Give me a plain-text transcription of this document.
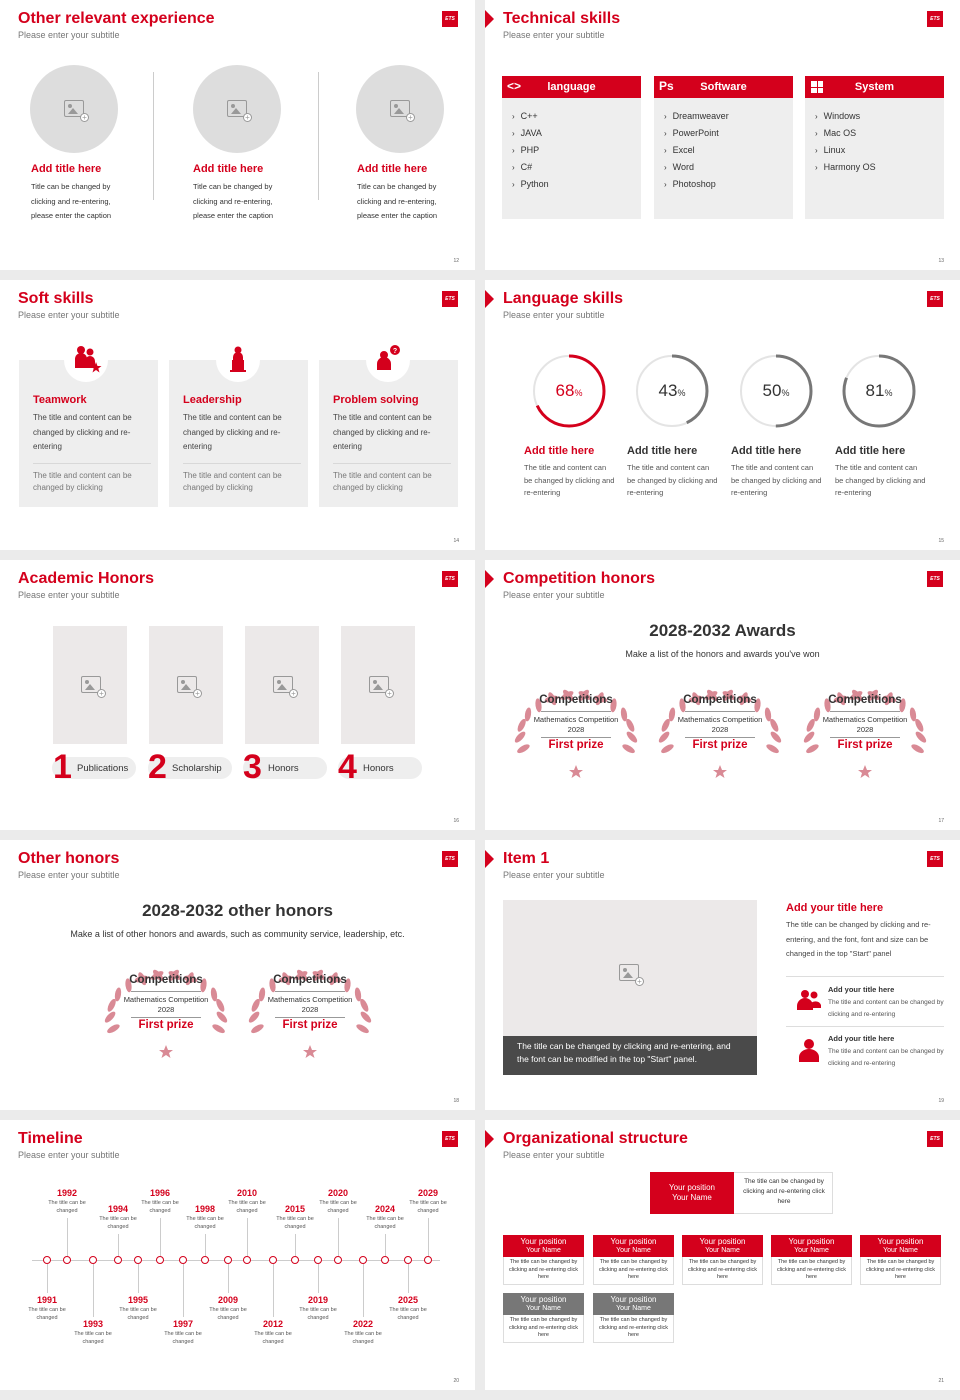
Other relevant experience
Please enter your subtitle
ETS
+
Add title here
Title can be changed by
clicking and re-entering,
please enter the caption
+
Add title here
Title can be changed by
clicking and re-entering,
please enter the caption
+
Add title here
Title can be changed by
clicking and re-entering,
please enter the caption
12
Technical skills
Please enter your subtitle
ETS
<>	language
› C++
› JAVA
› PHP
› C#
› Python
Ps	Software
› Dreamweaver
› PowerPoint
› Excel
› Word
› Photoshop
System
› Windows
› Mac OS
› Linux
› Harmony OS
13
Soft skills
Please enter your subtitle
ETS
Teamwork
The title and content can be changed by clicking and re-entering
The title and content can be changed by clicking
Leadership
The title and content can be changed by clicking and re-entering
The title and content can be changed by clicking
Problem solving
The title and content can be changed by clicking and re-entering
The title and content can be changed by clicking
?
14
Language skills
Please enter your subtitle
ETS
68%	43%	50%	81%
Add title here
The title and content can be changed by clicking and re-entering
Add title here
The title and content can be changed by clicking and re-entering
Add title here
The title and content can be changed by clicking and re-entering
Add title here
The title and content can be changed by clicking and re-entering
15
Academic Honors
Please enter your subtitle
ETS
+	+	+	+
1 Publications 2 Scholarship 3 Honors 4 Honors
16
Competition honors
Please enter your subtitle
ETS
2028-2032 Awards
Make a list of the honors and awards you've won
Competitions
Mathematics Competition
2028
First prize
Competitions
Mathematics Competition
2028
First prize
Competitions
Mathematics Competition
2028
First prize
17
Other honors
Please enter your subtitle
ETS
2028-2032 other honors
Make a list of other honors and awards, such as community service, leadership, etc.
Competitions
Mathematics Competition
2028
First prize
Competitions
Mathematics Competition
2028
First prize
18
Item 1
Please enter your subtitle
ETS
+
The title can be changed by clicking and re-entering, and the font can be modified in the top "Start" panel.
Add your title here
The title can be changed by clicking and re-entering, and the font, font and size can be changed in the top "Start" panel
Add your title here
The title and content can be changed by clicking and re-entering
Add your title here
The title and content can be changed by clicking and re-entering
19
Timeline
Please enter your subtitle
ETS
1992
The title can be changed	1994
The title can be changed
1996
The title can be changed	1998
The title can be changed
2010
The title can be changed	2015
The title can be changed
2020
The title can be changed	2024
The title can be changed
2029
The title can be changed
1991
The title can be changed
1993
The title can be changed
1995
The title can be changed
1997
The title can be changed
2009
The title can be changed
2012
The title can be changed
2019
The title can be changed
2022
The title can be changed
2025
The title can be changed
20
Organizational structure
Please enter your subtitle
ETS
Your position
Your Name
The title can be changed by clicking and re-entering click here
Your position
Your Name
The title can be changed by clicking and re-entering click here
Your position
Your Name
The title can be changed by clicking and re-entering click here
Your position
Your Name
The title can be changed by clicking and re-entering click here
Your position
Your Name
The title can be changed by clicking and re-entering click here
Your position
Your Name
The title can be changed by clicking and re-entering click here
Your position
Your Name
The title can be changed by clicking and re-entering click here
Your position
Your Name
The title can be changed by clicking and re-entering click here
21
